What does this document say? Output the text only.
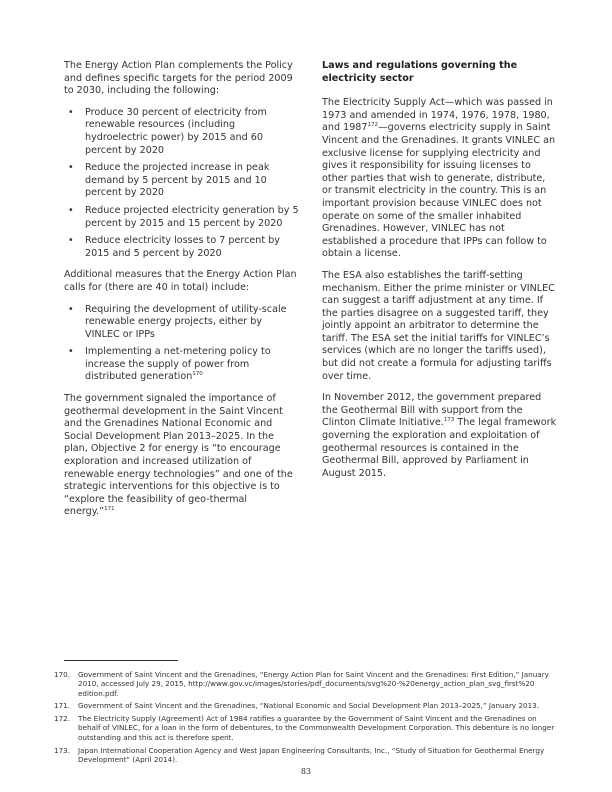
The Energy Action Plan complements the Policy and defines specific targets for the period 2009 to 2030, including the following:

• Produce 30 percent of electricity from renewable resources (including hydroelectric power) by 2015 and 60 percent by 2020
• Reduce the projected increase in peak demand by 5 percent by 2015 and 10 percent by 2020
• Reduce projected electricity generation by 5 percent by 2015 and 15 percent by 2020
• Reduce electricity losses to 7 percent by 2015 and 5 percent by 2020

Additional measures that the Energy Action Plan calls for (there are 40 in total) include:

• Requiring the development of utility-scale renewable energy projects, either by VINLEC or IPPs
• Implementing a net-metering policy to increase the supply of power from distributed generation$^{170}$

The government signaled the importance of geothermal development in the Saint Vincent and the Grenadines National Economic and Social Development Plan 2013–2025. In the plan, Objective 2 for energy is “to encourage exploration and increased utilization of renewable energy technologies” and one of the strategic interventions for this objective is to “explore the feasibility of geo-thermal energy.”$^{171}$

Laws and regulations governing the electricity sector

The Electricity Supply Act—which was passed in 1973 and amended in 1974, 1976, 1978, 1980, and 1987$^{172}$—governs electricity supply in Saint Vincent and the Grenadines. It grants VINLEC an exclusive license for supplying electricity and gives it responsibility for issuing licenses to other parties that wish to generate, distribute, or transmit electricity in the country. This is an important provision because VINLEC does not operate on some of the smaller inhabited Grenadines. However, VINLEC has not established a procedure that IPPs can follow to obtain a license.

The ESA also establishes the tariff-setting mechanism. Either the prime minister or VINLEC can suggest a tariff adjustment at any time. If the parties disagree on a suggested tariff, they jointly appoint an arbitrator to determine the tariff. The ESA set the initial tariffs for VINLEC’s services (which are no longer the tariffs used), but did not create a formula for adjusting tariffs over time.

In November 2012, the government prepared the Geothermal Bill with support from the Clinton Climate Initiative.$^{173}$ The legal framework governing the exploration and exploitation of geothermal resources is contained in the Geothermal Bill, approved by Parliament in August 2015.

170. Government of Saint Vincent and the Grenadines, “Energy Action Plan for Saint Vincent and the Grenadines: First Edition,” January 2010, accessed July 29, 2015, http://www.gov.vc/images/stories/pdf_documents/svg%20-%20energy_action_plan_svg_first%20 edition.pdf.
171. Government of Saint Vincent and the Grenadines, “National Economic and Social Development Plan 2013–2025,” January 2013.
172. The Electricity Supply (Agreement) Act of 1984 ratifies a guarantee by the Government of Saint Vincent and the Grenadines on behalf of VINLEC, for a loan in the form of debentures, to the Commonwealth Development Corporation. This debenture is no longer outstanding and this act is therefore spent.
173. Japan International Cooperation Agency and West Japan Engineering Consultants, Inc., “Study of Situation for Geothermal Energy Development” (April 2014).
83
